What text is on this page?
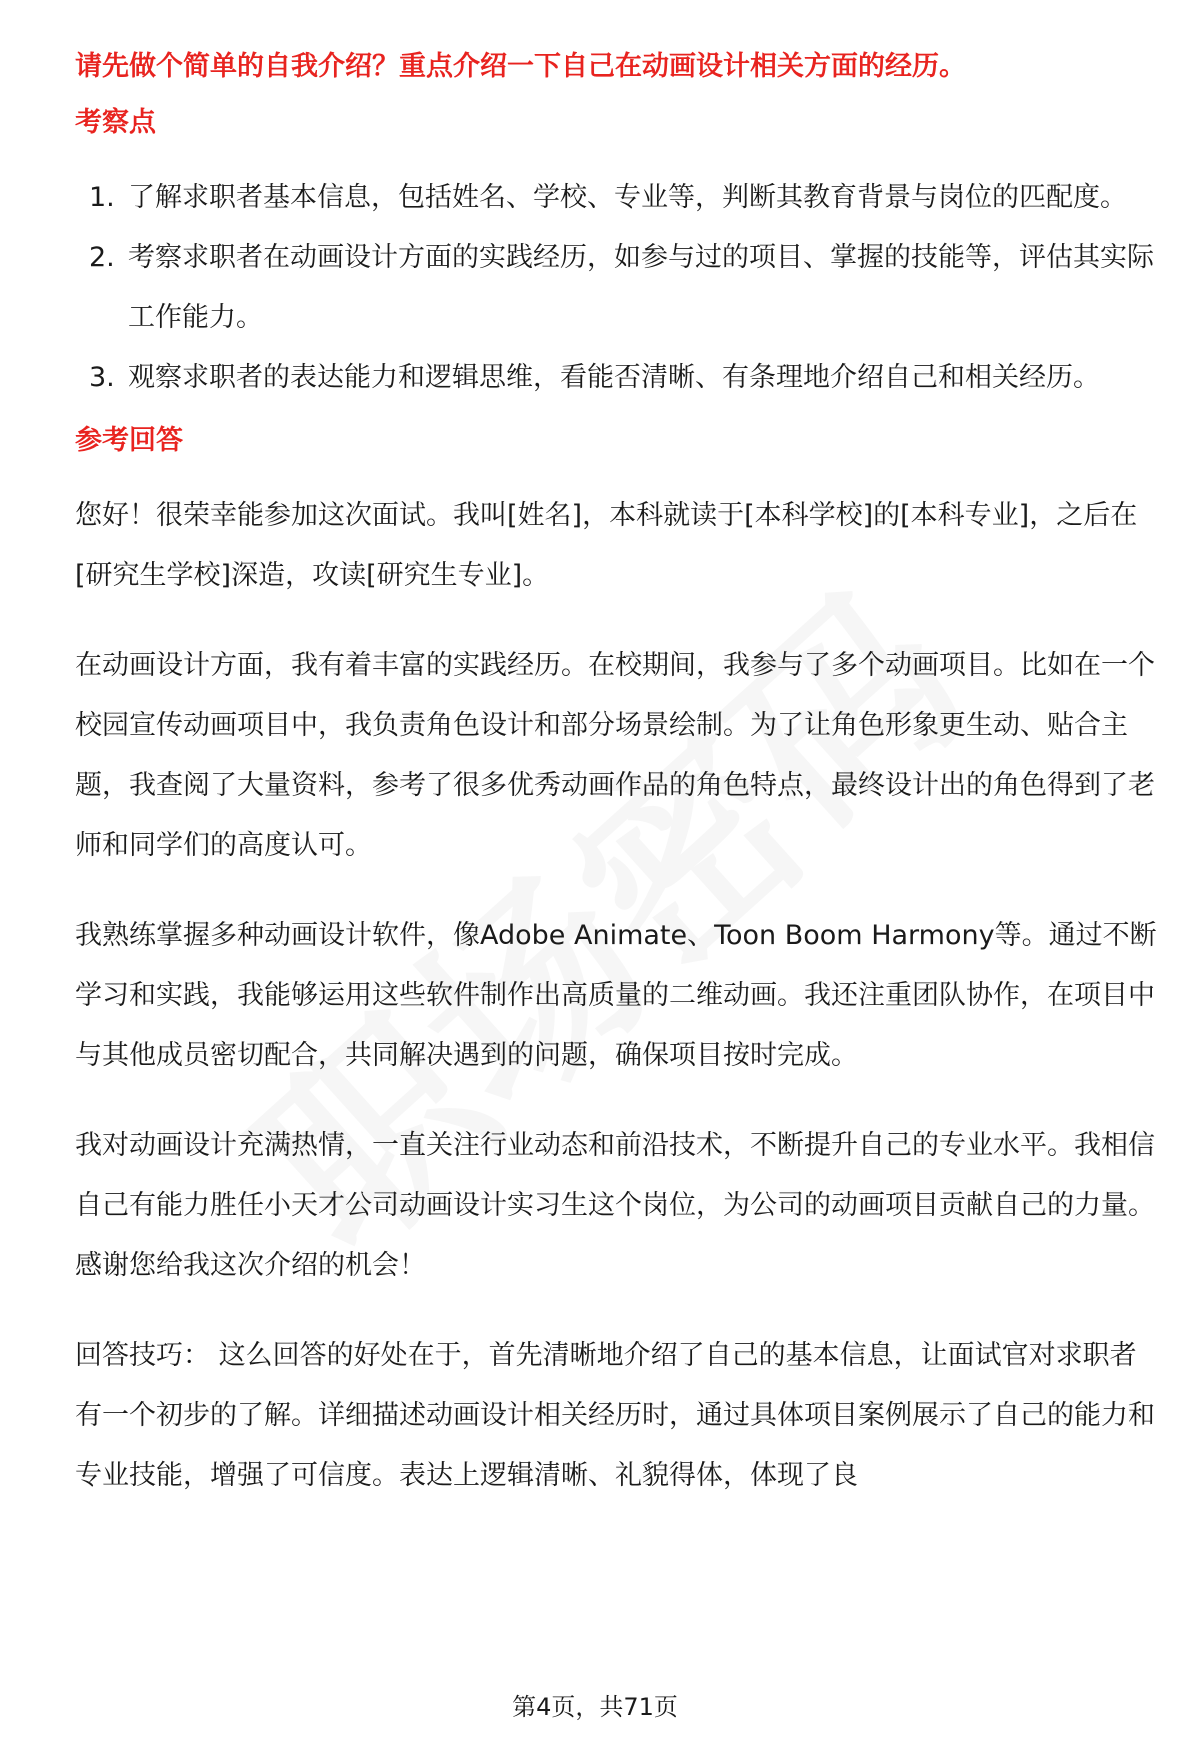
请先做个简单的自我介绍？重点介绍一下自己在动画设计相关方面的经历。
考察点
1. 了解求职者基本信息，包括姓名、学校、专业等，判断其教育背景与岗位的匹配度。
2. 考察求职者在动画设计方面的实践经历，如参与过的项目、掌握的技能等，评估其实际工作能力。
3. 观察求职者的表达能力和逻辑思维，看能否清晰、有条理地介绍自己和相关经历。
参考回答

您好！很荣幸能参加这次面试。我叫[姓名]，本科就读于[本科学校]的[本科专业]，之后在[研究生学校]深造，攻读[研究生专业]。

在动画设计方面，我有着丰富的实践经历。在校期间，我参与了多个动画项目。比如在一个校园宣传动画项目中，我负责角色设计和部分场景绘制。为了让角色形象更生动、贴合主题，我查阅了大量资料，参考了很多优秀动画作品的角色特点，最终设计出的角色得到了老师和同学们的高度认可。

我熟练掌握多种动画设计软件，像Adobe Animate、Toon Boom Harmony等。通过不断学习和实践，我能够运用这些软件制作出高质量的二维动画。我还注重团队协作，在项目中与其他成员密切配合，共同解决遇到的问题，确保项目按时完成。

我对动画设计充满热情，一直关注行业动态和前沿技术，不断提升自己的专业水平。我相信自己有能力胜任小天才公司动画设计实习生这个岗位，为公司的动画项目贡献自己的力量。感谢您给我这次介绍的机会！

回答技巧： 这么回答的好处在于，首先清晰地介绍了自己的基本信息，让面试官对求职者有一个初步的了解。详细描述动画设计相关经历时，通过具体项目案例展示了自己的能力和专业技能，增强了可信度。表达上逻辑清晰、礼貌得体，体现了良

第4页，共71页
